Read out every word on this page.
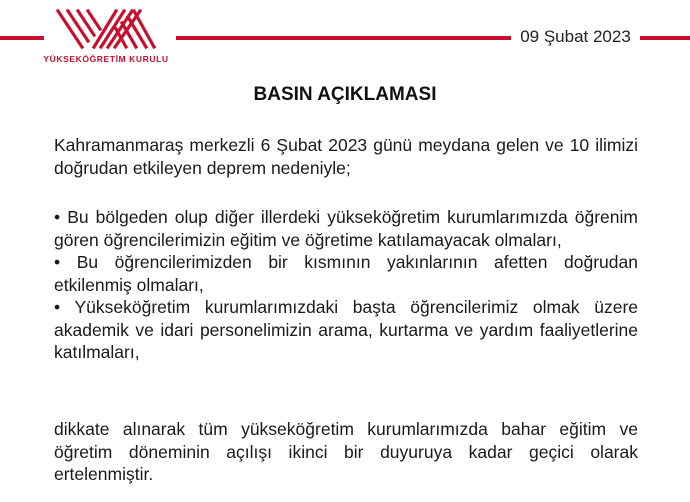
YÜKSEKÖĞRETİM KURULU
09 Şubat 2023
BASIN AÇIKLAMASI

Kahramanmaraş merkezli 6 Şubat 2023 günü meydana gelen ve 10 ilimizi doğrudan etkileyen deprem nedeniyle;

• Bu bölgeden olup diğer illerdeki yükseköğretim kurumlarımızda öğrenim gören öğrencilerimizin eğitim ve öğretime katılamayacak olmaları,
• Bu öğrencilerimizden bir kısmının yakınlarının afetten doğrudan etkilenmiş olmaları,
• Yükseköğretim kurumlarımızdaki başta öğrencilerimiz olmak üzere akademik ve idari personelimizin arama, kurtarma ve yardım faaliyetlerine katılmaları,

dikkate alınarak tüm yükseköğretim kurumlarımızda bahar eğitim ve öğretim döneminin açılışı ikinci bir duyuruya kadar geçici olarak ertelenmiştir.
